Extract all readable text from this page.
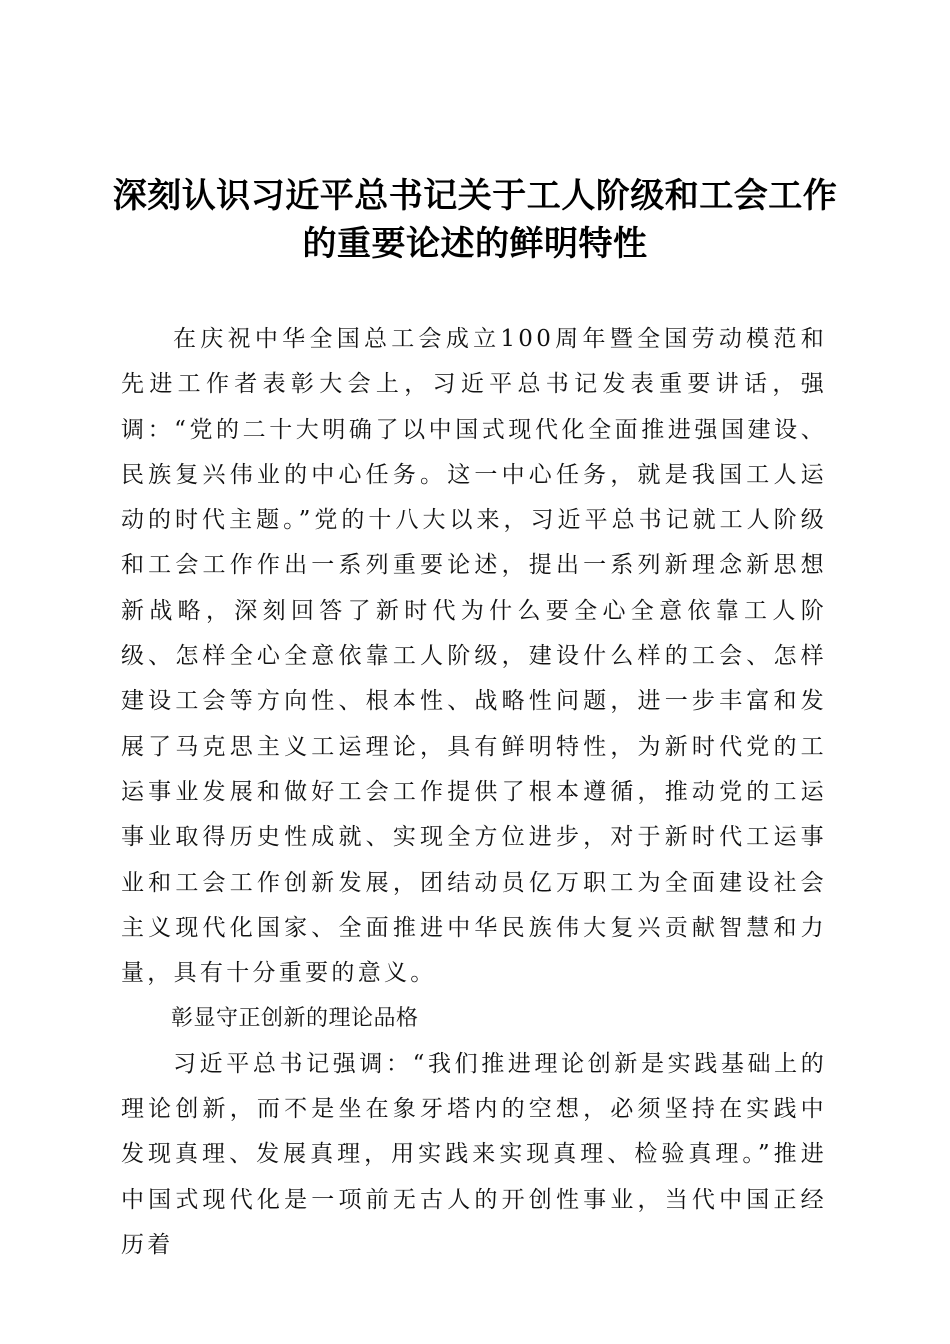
深刻认识习近平总书记关于工人阶级和工会工作的重要论述的鲜明特性

在庆祝中华全国总工会成立100周年暨全国劳动模范和先进工作者表彰大会上，习近平总书记发表重要讲话，强调：“党的二十大明确了以中国式现代化全面推进强国建设、民族复兴伟业的中心任务。这一中心任务，就是我国工人运动的时代主题。”党的十八大以来，习近平总书记就工人阶级和工会工作作出一系列重要论述，提出一系列新理念新思想新战略，深刻回答了新时代为什么要全心全意依靠工人阶级、怎样全心全意依靠工人阶级，建设什么样的工会、怎样建设工会等方向性、根本性、战略性问题，进一步丰富和发展了马克思主义工运理论，具有鲜明特性，为新时代党的工运事业发展和做好工会工作提供了根本遵循，推动党的工运事业取得历史性成就、实现全方位进步，对于新时代工运事业和工会工作创新发展，团结动员亿万职工为全面建设社会主义现代化国家、全面推进中华民族伟大复兴贡献智慧和力量，具有十分重要的意义。

彰显守正创新的理论品格

习近平总书记强调：“我们推进理论创新是实践基础上的理论创新，而不是坐在象牙塔内的空想，必须坚持在实践中发现真理、发展真理，用实践来实现真理、检验真理。”推进中国式现代化是一项前无古人的开创性事业，当代中国正经历着
